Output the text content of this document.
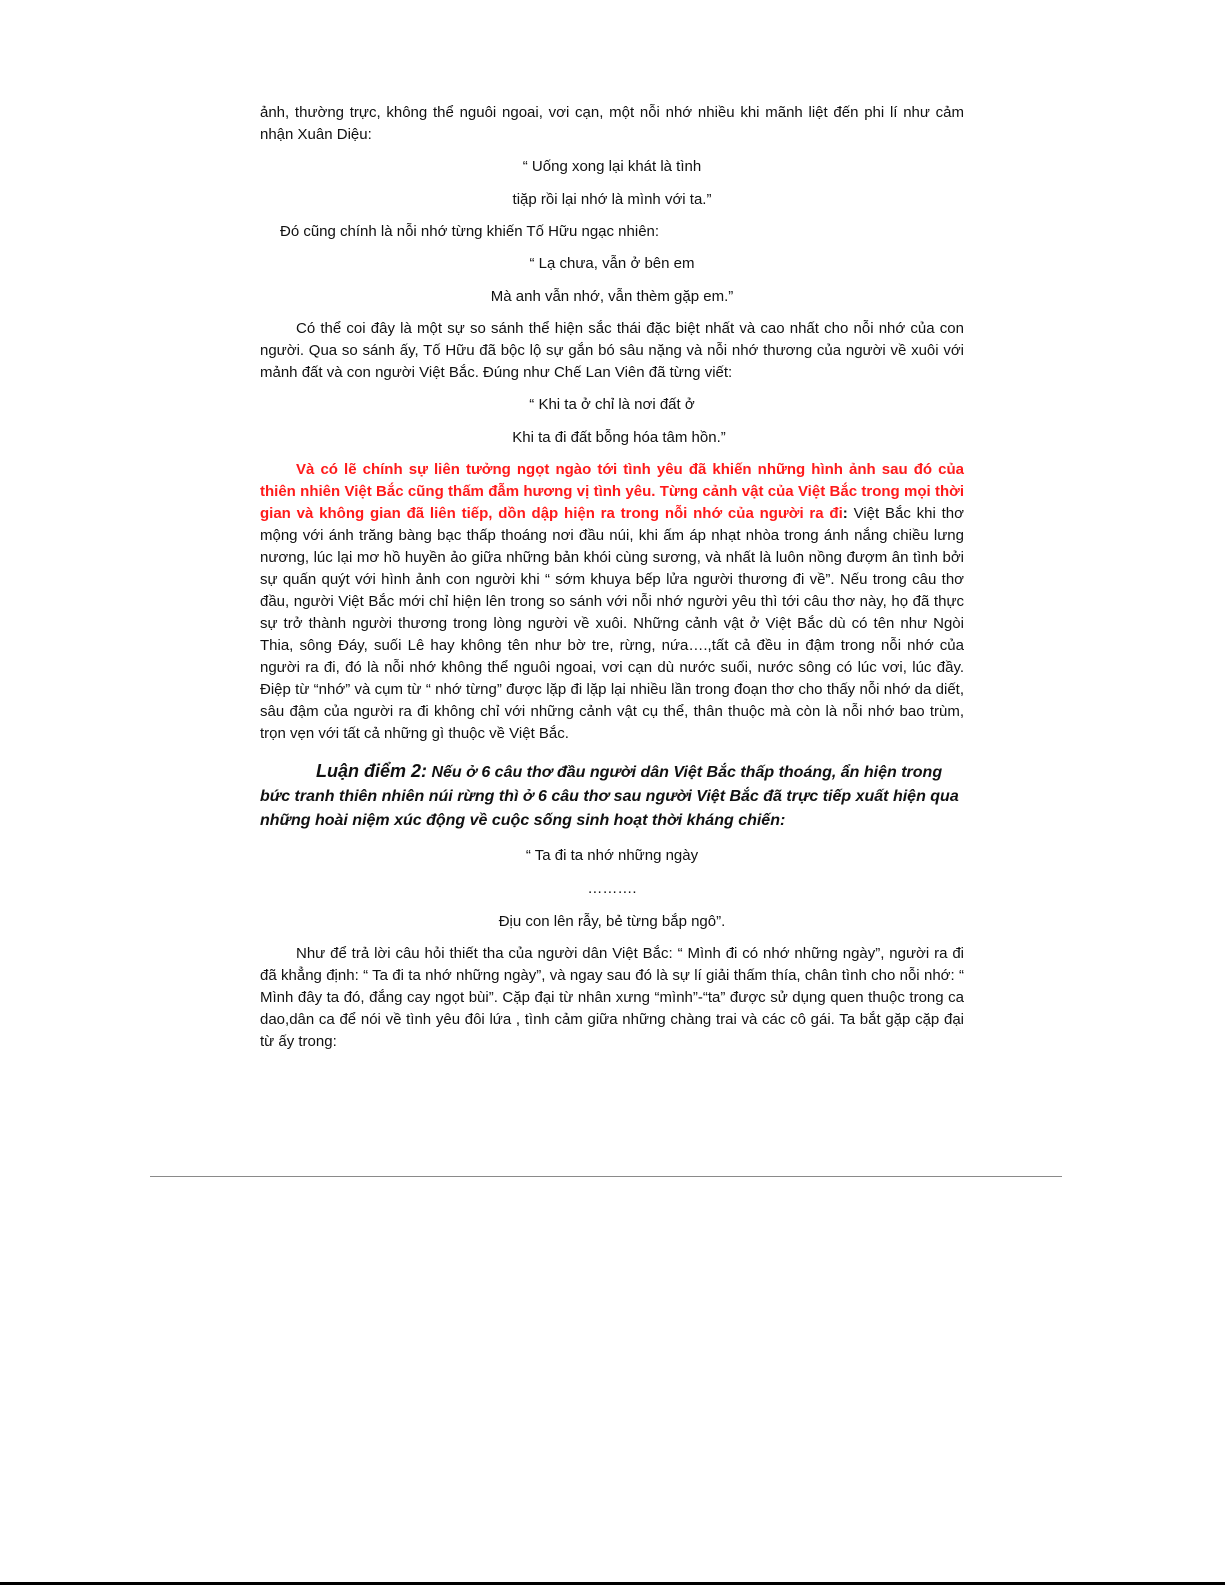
ảnh, thường trực, không thể nguôi ngoai, vơi cạn, một nỗi nhớ nhiều khi mãnh liệt đến phi lí như cảm nhận Xuân Diệu:

“ Uống xong lại khát là tình
tiặp rồi lại nhớ là mình với ta.”

Đó cũng chính là nỗi nhớ từng khiến Tố Hữu ngạc nhiên:

“ Lạ chưa, vẫn ở bên em
Mà anh vẫn nhớ, vẫn thèm gặp em.”

Có thể coi đây là một sự so sánh thể hiện sắc thái đặc biệt nhất và cao nhất cho nỗi nhớ của con người. Qua so sánh ấy, Tố Hữu đã bộc lộ sự gắn bó sâu nặng và nỗi nhớ thương của người về xuôi với mảnh đất và con người Việt Bắc. Đúng như Chế Lan Viên đã từng viết:

“ Khi ta ở chỉ là nơi đất ở
Khi ta đi đất bỗng hóa tâm hồn.”

Và có lẽ chính sự liên tưởng ngọt ngào tới tình yêu đã khiến những hình ảnh sau đó của thiên nhiên Việt Bắc cũng thấm đẫm hương vị tình yêu. Từng cảnh vật của Việt Bắc trong mọi thời gian và không gian đã liên tiếp, dồn dập hiện ra trong nỗi nhớ của người ra đi: Việt Bắc khi thơ mộng với ánh trăng bàng bạc thấp thoáng nơi đầu núi, khi ấm áp nhạt nhòa trong ánh nắng chiều lưng nương, lúc lại mơ hồ huyền ảo giữa những bản khói cùng sương, và nhất là luôn nồng đượm ân tình bởi sự quấn quýt với hình ảnh con người khi “ sớm khuya bếp lửa người thương đi về”. Nếu trong câu thơ đầu, người Việt Bắc mới chỉ hiện lên trong so sánh với nỗi nhớ người yêu thì tới câu thơ này, họ đã thực sự trở thành người thương trong lòng người về xuôi. Những cảnh vật ở Việt Bắc dù có tên như Ngòi Thia, sông Đáy, suối Lê hay không tên như bờ tre, rừng, nứa….,tất cả đều in đậm trong nỗi nhớ của người ra đi, đó là nỗi nhớ không thể nguôi ngoai, vơi cạn dù nước suối, nước sông có lúc vơi, lúc đầy. Điệp từ “nhớ” và cụm từ “ nhớ từng” được lặp đi lặp lại nhiều lần trong đoạn thơ cho thấy nỗi nhớ da diết, sâu đậm của người ra đi không chỉ với những cảnh vật cụ thể, thân thuộc mà còn là nỗi nhớ bao trùm, trọn vẹn với tất cả những gì thuộc về Việt Bắc.

Luận điểm 2: Nếu ở 6 câu thơ đầu người dân Việt Bắc thấp thoáng, ẩn hiện trong bức tranh thiên nhiên núi rừng thì ở 6 câu thơ sau người Việt Bắc đã trực tiếp xuất hiện qua những hoài niệm xúc động về cuộc sống sinh hoạt thời kháng chiến:

“ Ta đi ta nhớ những ngày
……….
Địu con lên rẫy, bẻ từng bắp ngô”.

Như để trả lời câu hỏi thiết tha của người dân Việt Bắc: “ Mình đi có nhớ những ngày”, người ra đi đã khẳng định: “ Ta đi ta nhớ những ngày”, và ngay sau đó là sự lí giải thấm thía, chân tình cho nỗi nhớ: “ Mình đây ta đó, đắng cay ngọt bùi”. Cặp đại từ nhân xưng “mình”-“ta” được sử dụng quen thuộc trong ca dao,dân ca để nói về tình yêu đôi lứa , tình cảm giữa những chàng trai và các cô gái. Ta bắt gặp cặp đại từ ấy trong:
